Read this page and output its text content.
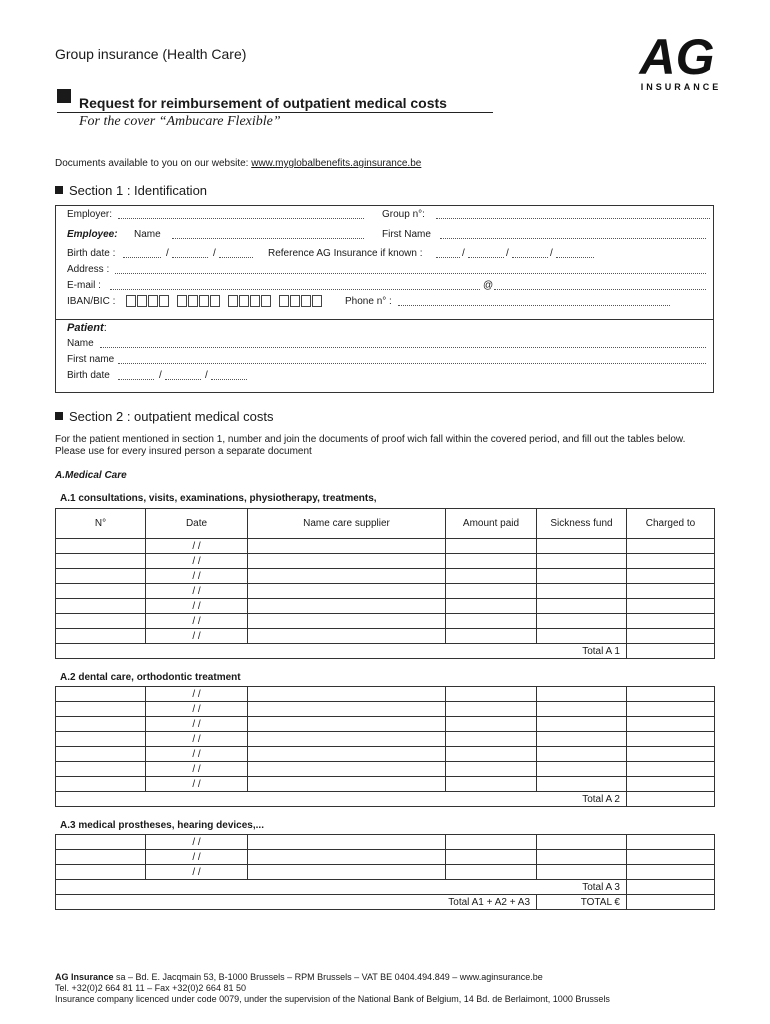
Group insurance (Health Care)	AG
INSURANCE
Request for reimbursement of outpatient medical costs
For the cover “Ambucare Flexible”
Documents available to you on our website: www.myglobalbenefits.aginsurance.be
Section 1 : Identification
Employer:	Group n°:
Employee: Name	First Name
Birth date :	/	/	Reference AG Insurance if known :	/	/	/
Address :
E-mail :	@
IBAN/BIC :	Phone n° :
Patient:
Name
First name
Birth date	/	/
Section 2 : outpatient medical costs
For the patient mentioned in section 1, number and join the documents of proof wich fall within the covered period, and fill out the tables below.
Please use for every insured person a separate document
A.Medical Care
A.1 consultations, visits, examinations, physiotherapy, treatments,
N°	Date	Name care supplier	Amount paid	Sickness fund	Charged to
	/ /				
	/ /				
	/ /				
	/ /				
	/ /				
	/ /				
	/ /				
Total A 1					
A.2 dental care, orthodontic treatment
	/ /				
	/ /				
	/ /				
	/ /				
	/ /				
	/ /				
	/ /				
Total A 2					
A.3 medical prostheses, hearing devices,...
	/ /				
	/ /				
	/ /				
Total A 3					
Total A1 + A2 + A3				TOTAL €	
AG Insurance sa – Bd. E. Jacqmain 53, B-1000 Brussels – RPM Brussels – VAT BE 0404.494.849 – www.aginsurance.be
Tel. +32(0)2 664 81 11 – Fax +32(0)2 664 81 50
Insurance company licenced under code 0079, under the supervision of the National Bank of Belgium, 14 Bd. de Berlaimont, 1000 Brussels
